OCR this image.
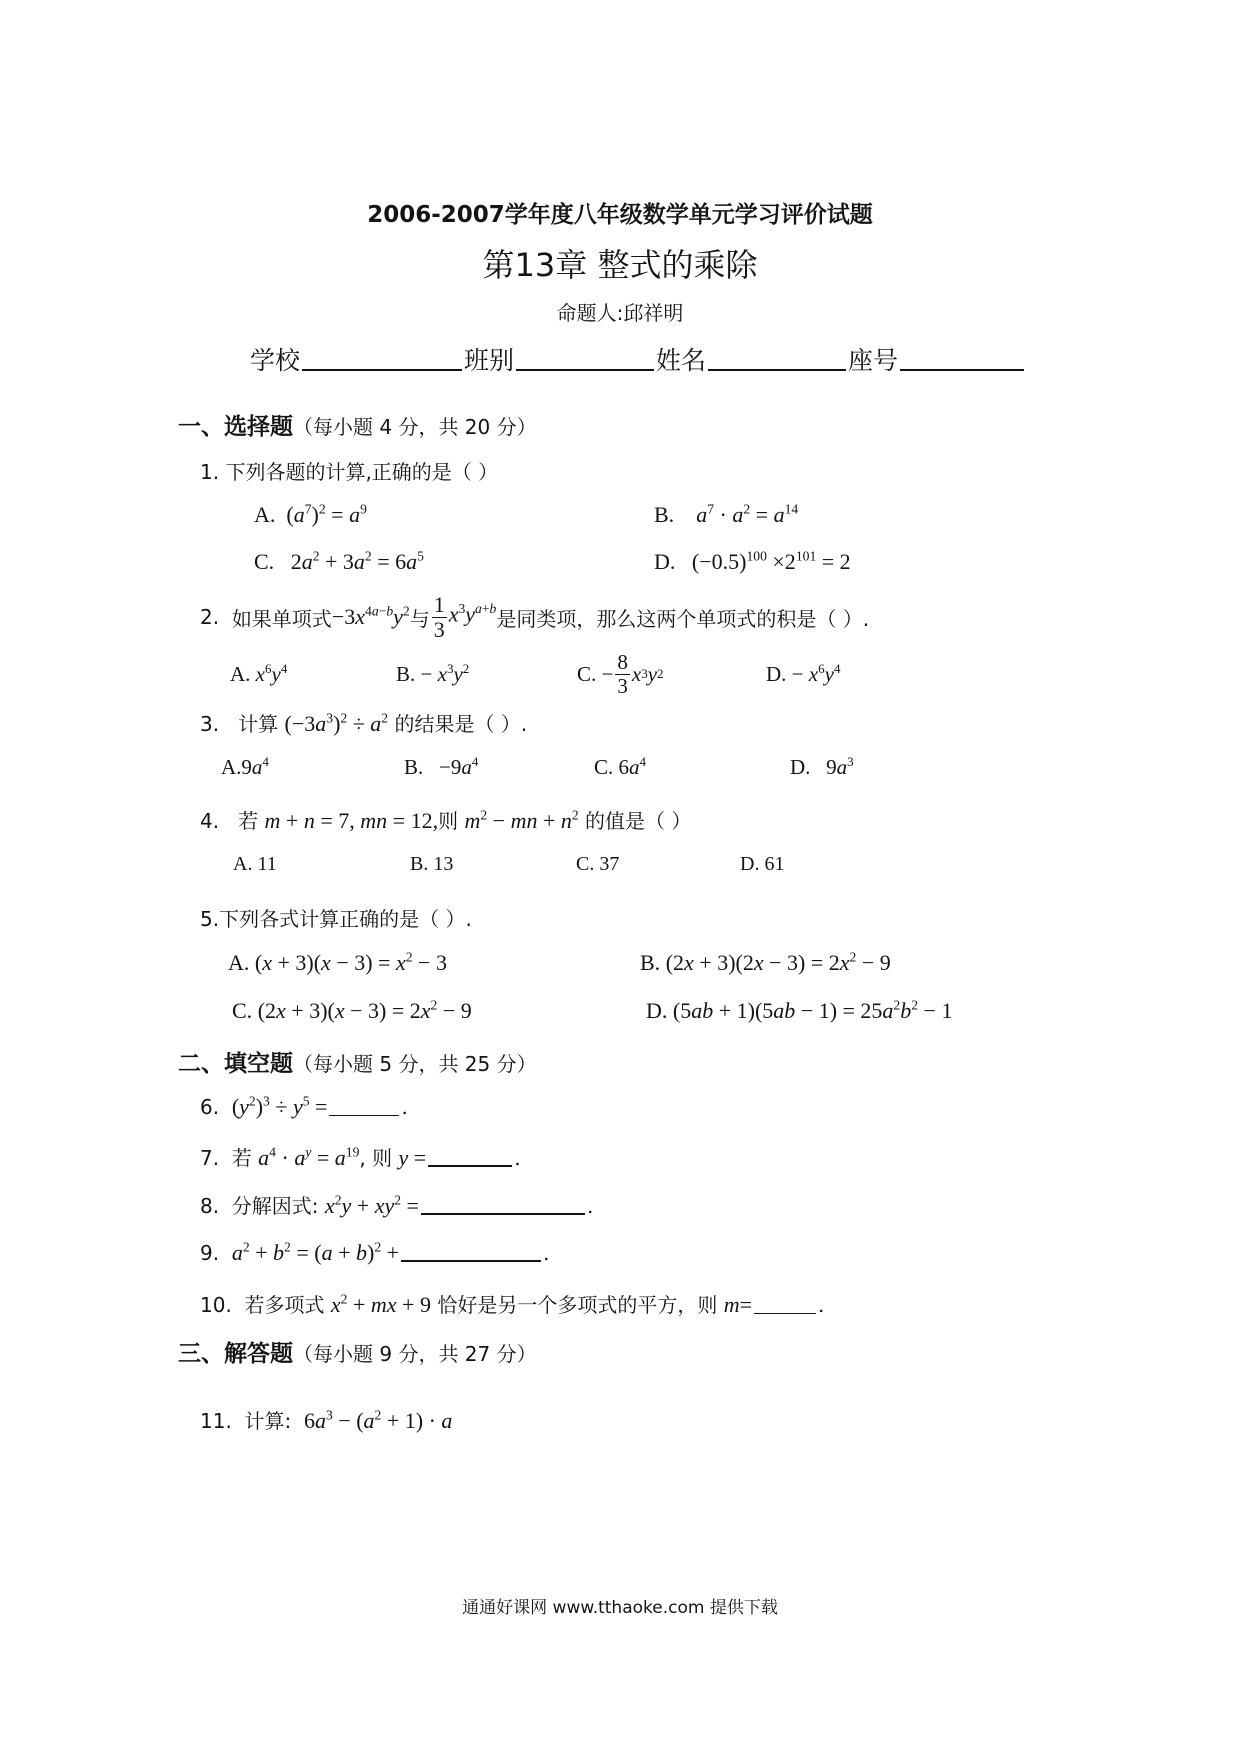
2006-2007学年度八年级数学单元学习评价试题
第13章 整式的乘除
命题人:邱祥明
学校	班别	姓名	座号
一、选择题（每小题 4 分，共 20 分）
1. 下列各题的计算,正确的是（ ）
A.  $(a^7)^2 = a^9$	B. $a^7 \cdot a^2 = a^{14}$
C.   $2a^2 + 3a^2 = 6a^5$	D.   $(-0.5)^{100} \times 2^{101} = 2$
2.
如果单项式 $-3x^{4a-b}y^2$ 与 $\frac{1}{3} x^3y^{a+b}$ 是同类项，那么这两个单项式的积是（ ）.
A. $x^6y^4$	B. − $x^3y^2$	C. − $\frac{8}{3}$ x 3 y 2	D. − $x^6y^4$
3. 计算 $(-3a^3)^2 \div a^2$ 的结果是（ ）.
$A.9a^4$	B.   $-9a^4$	C. $6a^4$	D.   $9a^3$
4. 若 m + n = 7, mn = 12,则 $m^2$ − mn + $n^2$ 的值是（ ）
A. 11	B. 13	C. 37	D. 61
5.下列各式计算正确的是（ ）.
A. $(x + 3)(x - 3) = x^2 - 3$	B. $(2x + 3)(2x - 3) = 2x^2 - 9$
C. $(2x + 3)(x - 3) = 2x^2 - 9$	D. $(5ab + 1)(5ab - 1) = 25a^2b^2 - 1$
二、填空题（每小题 5 分，共 25 分）
6. $(y^2)^3 \div y^5$ =	.
7. 若 $a^4 \cdot a^y = a^{19}$, 则 y =	.
8. 分解因式: $x^2y + xy^2$ =	.
9. $a^2 + b^2 = (a + b)^2$ +	.
10. 若多项式 $x^2$ + mx + 9 恰好是另一个多项式的平方，则 m=	.
三、解答题（每小题 9 分，共 27 分）
11. 计算: $6a^3 - (a^2 + 1) \cdot a$
通通好课网 www.tthaoke.com 提供下载
